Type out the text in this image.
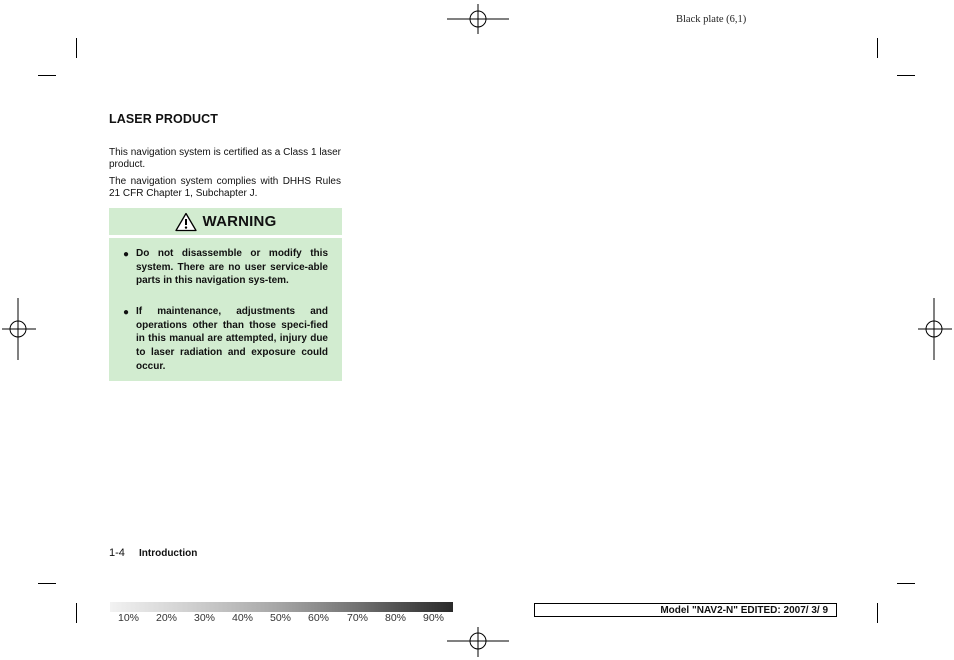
Black plate (6,1)
LASER PRODUCT
This navigation system is certified as a Class 1 laser product.
The navigation system complies with DHHS Rules 21 CFR Chapter 1, Subchapter J.
WARNING
● Do not disassemble or modify this system. There are no user service-able parts in this navigation sys-tem.
● If maintenance, adjustments and operations other than those speci-fied in this manual are attempted, injury due to laser radiation and exposure could occur.
1-4 Introduction
10% 20% 30% 40% 50% 60% 70% 80% 90%
Model "NAV2-N" EDITED: 2007/ 3/ 9
